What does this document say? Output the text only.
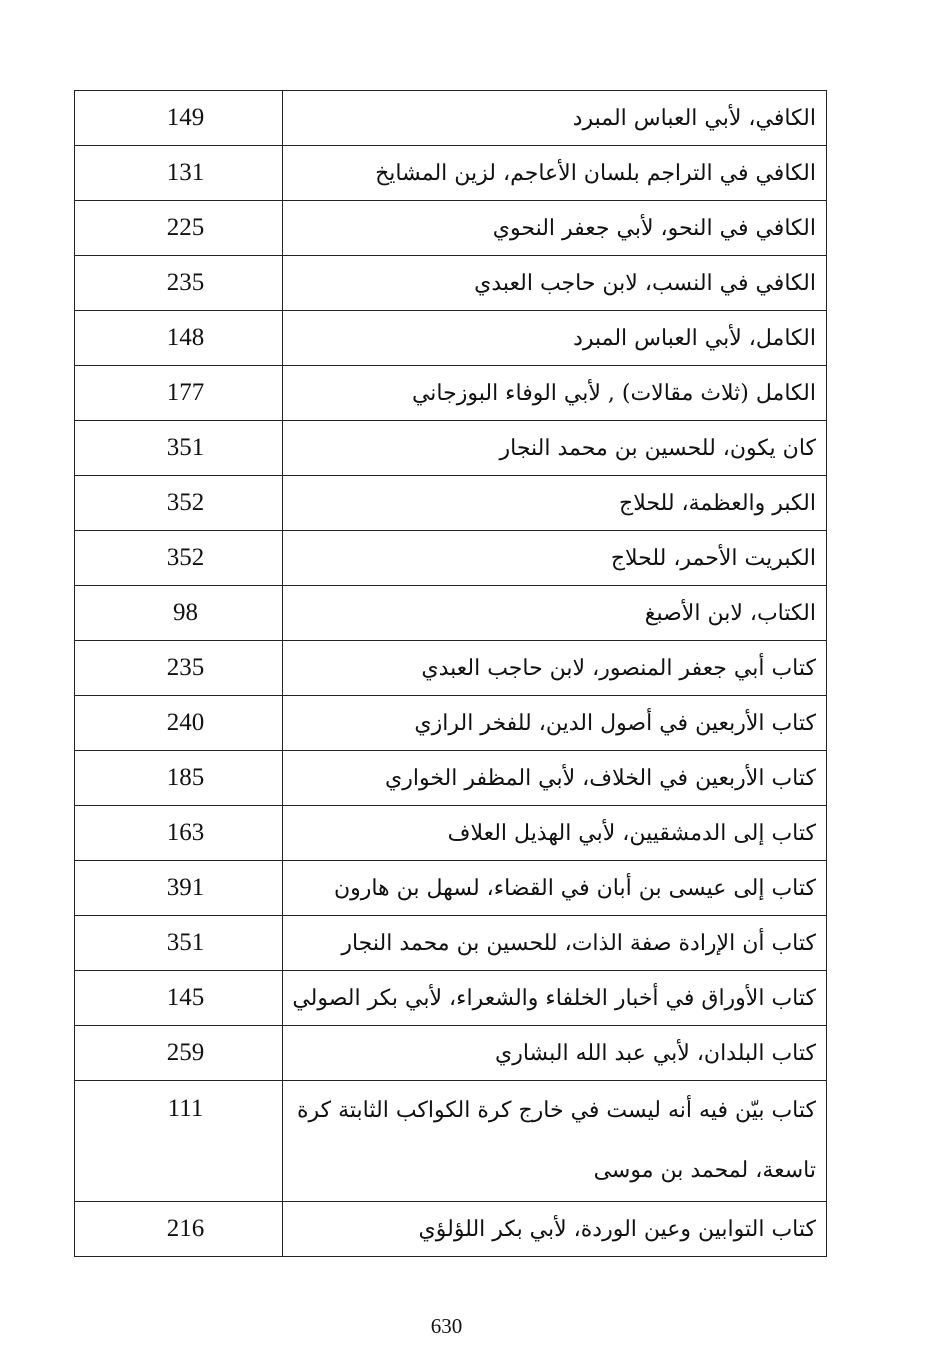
149	الكافي، لأبي العباس المبرد
131	الكافي في التراجم بلسان الأعاجم، لزين المشايخ
225	الكافي في النحو، لأبي جعفر النحوي
235	الكافي في النسب، لابن حاجب العبدي
148	الكامل، لأبي العباس المبرد
177	الكامل (ثلاث مقالات) , لأبي الوفاء البوزجاني
351	كان يكون، للحسين بن محمد النجار
352	الكبر والعظمة، للحلاج
352	الكبريت الأحمر، للحلاج
98	الكتاب، لابن الأصبغ
235	كتاب أبي جعفر المنصور، لابن حاجب العبدي
240	كتاب الأربعين في أصول الدين، للفخر الرازي
185	كتاب الأربعين في الخلاف، لأبي المظفر الخواري
163	كتاب إلى الدمشقيين، لأبي الهذيل العلاف
391	كتاب إلى عيسى بن أبان في القضاء، لسهل بن هارون
351	كتاب أن الإرادة صفة الذات، للحسين بن محمد النجار
145	كتاب الأوراق في أخبار الخلفاء والشعراء، لأبي بكر الصولي
259	كتاب البلدان، لأبي عبد الله البشاري
111	كتاب بيّن فيه أنه ليست في خارج كرة الكواكب الثابتة كرة تاسعة، لمحمد بن موسى
216	كتاب التوابين وعين الوردة، لأبي بكر اللؤلؤي
630
